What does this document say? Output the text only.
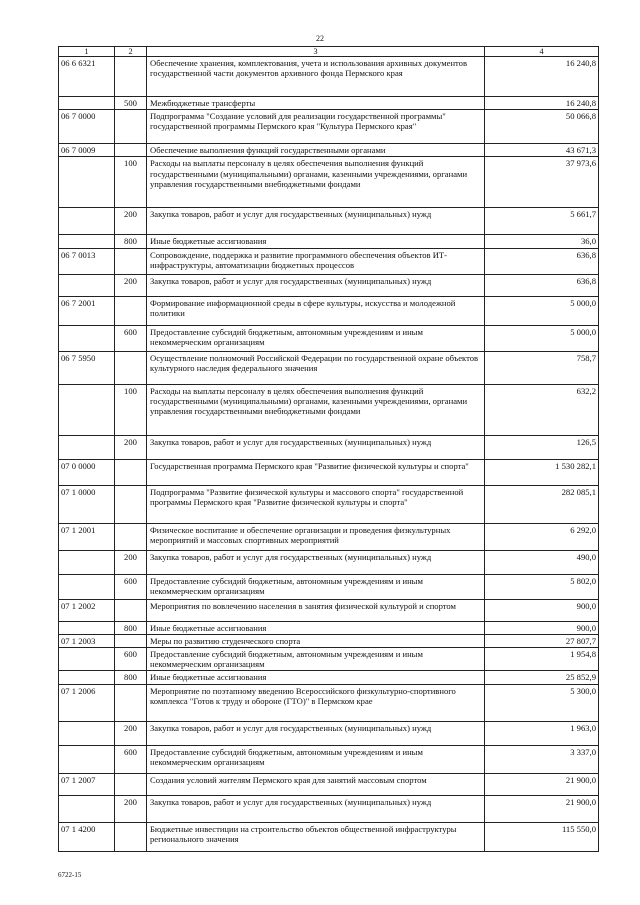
22
1	2	3	4
06 6 6321		Обеспечение хранения, комплектования, учета и использования архивных документов государственной части документов архивного фонда Пермского края	16 240,8
	500	Межбюджетные трансферты	16 240,8
06 7 0000		Подпрограмма "Создание условий для реализации государственной программы" государственной программы Пермского края "Культура Пермского края"	50 066,8
06 7 0009		Обеспечение выполнения функций государственными органами	43 671,3
	100	Расходы на выплаты персоналу в целях обеспечения выполнения функций государственными (муниципальными) органами, казенными учреждениями, органами управления государственными внебюджетными фондами	37 973,6
	200	Закупка товаров, работ и услуг для государственных (муниципальных) нужд	5 661,7
	800	Иные бюджетные ассигнования	36,0
06 7 0013		Сопровождение, поддержка и развитие программного обеспечения объектов ИТ-инфраструктуры, автоматизации бюджетных процессов	636,8
	200	Закупка товаров, работ и услуг для государственных (муниципальных) нужд	636,8
06 7 2001		Формирование информационной среды в сфере культуры, искусства и молодежной политики	5 000,0
	600	Предоставление субсидий бюджетным, автономным учреждениям и иным некоммерческим организациям	5 000,0
06 7 5950		Осуществление полномочий Российской Федерации по государственной охране объектов культурного наследия федерального значения	758,7
	100	Расходы на выплаты персоналу в целях обеспечения выполнения функций государственными (муниципальными) органами, казенными учреждениями, органами управления государственными внебюджетными фондами	632,2
	200	Закупка товаров, работ и услуг для государственных (муниципальных) нужд	126,5
07 0 0000		Государственная программа Пермского края "Развитие физической культуры и спорта"	1 530 282,1
07 1 0000		Подпрограмма "Развитие физической культуры и массового спорта" государственной программы Пермского края "Развитие физической культуры и спорта"	282 085,1
07 1 2001		Физическое воспитание и обеспечение организации и проведения физкультурных мероприятий и массовых спортивных мероприятий	6 292,0
	200	Закупка товаров, работ и услуг для государственных (муниципальных) нужд	490,0
	600	Предоставление субсидий бюджетным, автономным учреждениям и иным некоммерческим организациям	5 802,0
07 1 2002		Мероприятия по вовлечению населения в занятия физической культурой и спортом	900,0
	800	Иные бюджетные ассигнования	900,0
07 1 2003		Меры по развитию студенческого спорта	27 807,7
	600	Предоставление субсидий бюджетным, автономным учреждениям и иным некоммерческим организациям	1 954,8
	800	Иные бюджетные ассигнования	25 852,9
07 1 2006		Мероприятие по поэтапному введению Всероссийского физкультурно-спортивного комплекса "Готов к труду и обороне (ГТО)" в Пермском крае	5 300,0
	200	Закупка товаров, работ и услуг для государственных (муниципальных) нужд	1 963,0
	600	Предоставление субсидий бюджетным, автономным учреждениям и иным некоммерческим организациям	3 337,0
07 1 2007		Создания условий жителям Пермского края для занятий массовым спортом	21 900,0
	200	Закупка товаров, работ и услуг для государственных (муниципальных) нужд	21 900,0
07 1 4200		Бюджетные инвестиции на строительство объектов общественной инфраструктуры регионального значения	115 550,0
6722-15
